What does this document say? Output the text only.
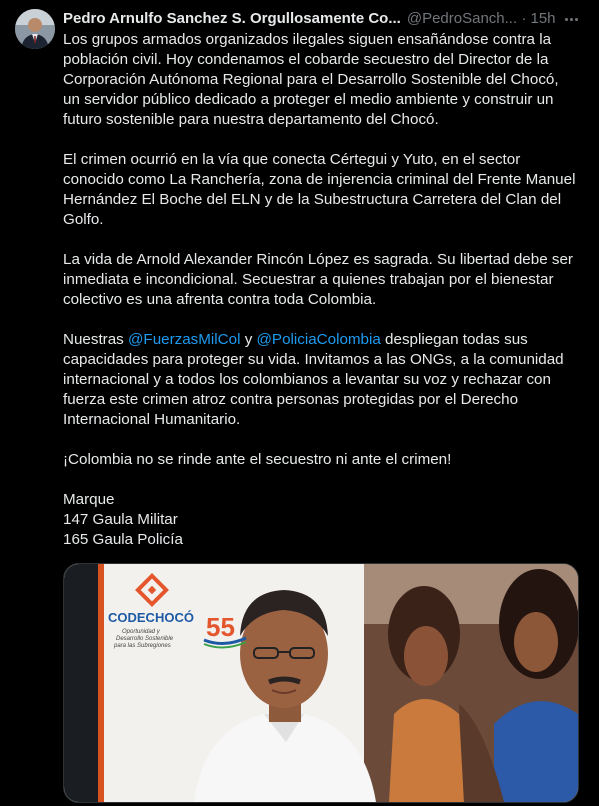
Pedro Arnulfo Sanchez S. Orgullosamente Co... @PedroSanch... · 15h

Los grupos armados organizados ilegales siguen ensañándose contra la población civil. Hoy condenamos el cobarde secuestro del Director de la Corporación Autónoma Regional para el Desarrollo Sostenible del Chocó, un servidor público dedicado a proteger el medio ambiente y construir un futuro sostenible para nuestra departamento del Chocó.

El crimen ocurrió en la vía que conecta Cértegui y Yuto, en el sector conocido como La Ranchería, zona de injerencia criminal del Frente Manuel Hernández El Boche del ELN y de la Subestructura Carretera del Clan del Golfo.

La vida de Arnold Alexander Rincón López es sagrada. Su libertad debe ser inmediata e incondicional. Secuestrar a quienes trabajan por el bienestar colectivo es una afrenta contra toda Colombia.

Nuestras @FuerzasMilCol y @PoliciaColombia despliegan todas sus capacidades para proteger su vida. Invitamos a las ONGs, a la comunidad internacional y a todos los colombianos a levantar su voz y rechazar con fuerza este crimen atroz contra personas protegidas por el Derecho Internacional Humanitario.

¡Colombia no se rinde ante el secuestro ni ante el crimen!

Marque
147 Gaula Militar
165 Gaula Policía

CODECHOCÓ
Oportunidad y
Desarrollo Sostenible
para las Subregiones
55
